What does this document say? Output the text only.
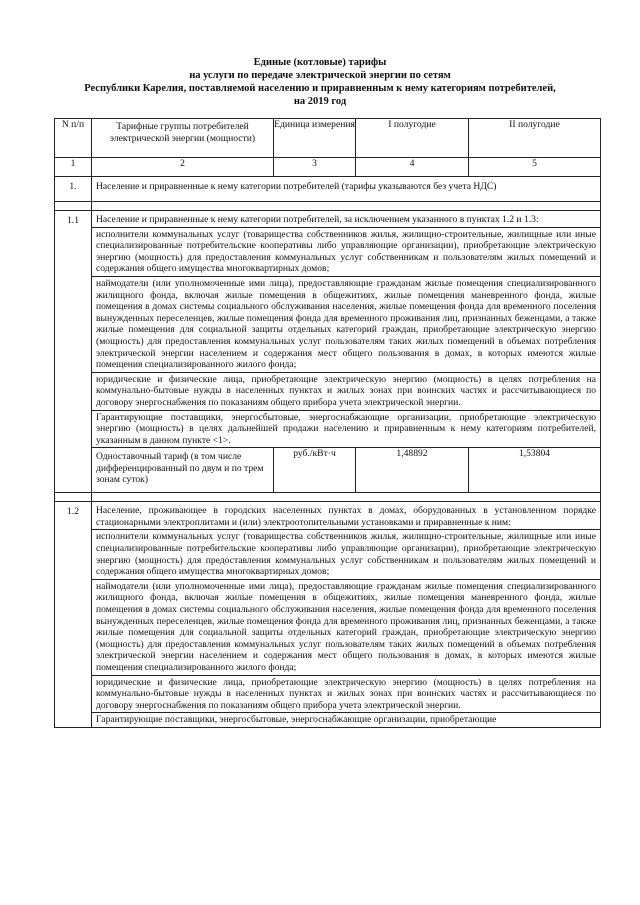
Единые (котловые) тарифы
на услуги по передаче электрической энергии по сетям
Республики Карелия, поставляемой населению и приравненным к нему категориям потребителей,
на 2019 год
N п/п	Тарифные группы потребителей электрической энергии (мощности)	Единица измерения	I полугодие	II полугодие
1	2	3	4	5
1.	Население и приравненные к нему категории потребителей (тарифы указываются без учета НДС)			

1.1	Население и приравненные к нему категории потребителей, за исключением указанного в пунктах 1.2 и 1.3:
исполнители коммунальных услуг (товарищества собственников жилья, жилищно-строительные, жилищные или иные специализированные потребительские кооперативы либо управляющие организации), приобретающие электрическую энергию (мощность) для предоставления коммунальных услуг собственникам и пользователям жилых помещений и содержания общего имущества многоквартирных домов;
наймодатели (или уполномоченные ими лица), предоставляющие гражданам жилые помещения специализированного жилищного фонда, включая жилые помещения в общежитиях, жилые помещения маневренного фонда, жилые помещения в домах системы социального обслуживания населения, жилые помещения фонда для временного поселения вынужденных переселенцев, жилые помещения фонда для временного проживания лиц, признанных беженцами, а также жилые помещения для социальной защиты отдельных категорий граждан, приобретающие электрическую энергию (мощность) для предоставления коммунальных услуг пользователям таких жилых помещений в объемах потребления электрической энергии населением и содержания мест общего пользования в домах, в которых имеются жилые помещения специализированного жилого фонда;
юридические и физические лица, приобретающие электрическую энергию (мощность) в целях потребления на коммунально-бытовые нужды в населенных пунктах и жилых зонах при воинских частях и рассчитывающиеся по договору энергоснабжения по показаниям общего прибора учета электрической энергии.
Гарантирующие поставщики, энергосбытовые, энергоснабжающие организации, приобретающие электрическую энергию (мощность) в целях дальнейшей продажи населению и приравненным к нему категориям потребителей, указанным в данном пункте <1>.			

	Одноставочный тариф (в том числе дифференцированный по двум и по трем зонам суток)	руб./кВт·ч	1,48892	1,53804

1.2	Население, проживающее в городских населенных пунктах в домах, оборудованных в установленном порядке стационарными электроплитами и (или) электроотопительными установками и приравненные к ним:
исполнители коммунальных услуг (товарищества собственников жилья, жилищно-строительные, жилищные или иные специализированные потребительские кооперативы либо управляющие организации), приобретающие электрическую энергию (мощность) для предоставления коммунальных услуг собственникам и пользователям жилых помещений и содержания общего имущества многоквартирных домов;
наймодатели (или уполномоченные ими лица), предоставляющие гражданам жилые помещения специализированного жилищного фонда, включая жилые помещения в общежитиях, жилые помещения маневренного фонда, жилые помещения в домах системы социального обслуживания населения, жилые помещения фонда для временного поселения вынужденных переселенцев, жилые помещения фонда для временного проживания лиц, признанных беженцами, а также жилые помещения для социальной защиты отдельных категорий граждан, приобретающие электрическую энергию (мощность) для предоставления коммунальных услуг пользователям таких жилых помещений в объемах потребления электрической энергии населением и содержания мест общего пользования в домах, в которых имеются жилые помещения специализированного жилого фонда;
юридические и физические лица, приобретающие электрическую энергию (мощность) в целях потребления на коммунально-бытовые нужды в населенных пунктах и жилых зонах при воинских частях и рассчитывающиеся по договору энергоснабжения по показаниям общего прибора учета электрической энергии.
Гарантирующие поставщики, энергосбытовые, энергоснабжающие организации, приобретающие			
